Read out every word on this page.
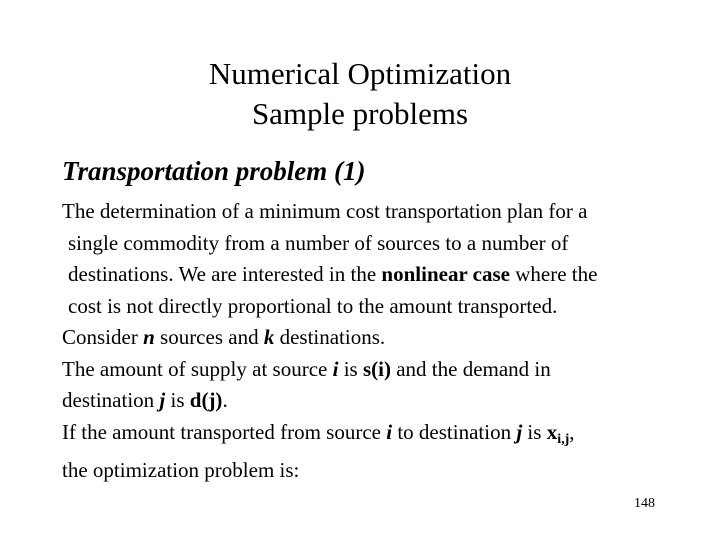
Numerical Optimization
Sample problems
Transportation problem (1)
The determination of a minimum cost transportation plan for a
single commodity from a number of sources to a number of
destinations. We are interested in the nonlinear case where the
cost is not directly proportional to the amount transported.
Consider n sources and k destinations.
The amount of supply at source i is s(i) and the demand in
destination j is d(j).
If the amount transported from source i to destination j is $x_{i,j}$,
the optimization problem is:
148
